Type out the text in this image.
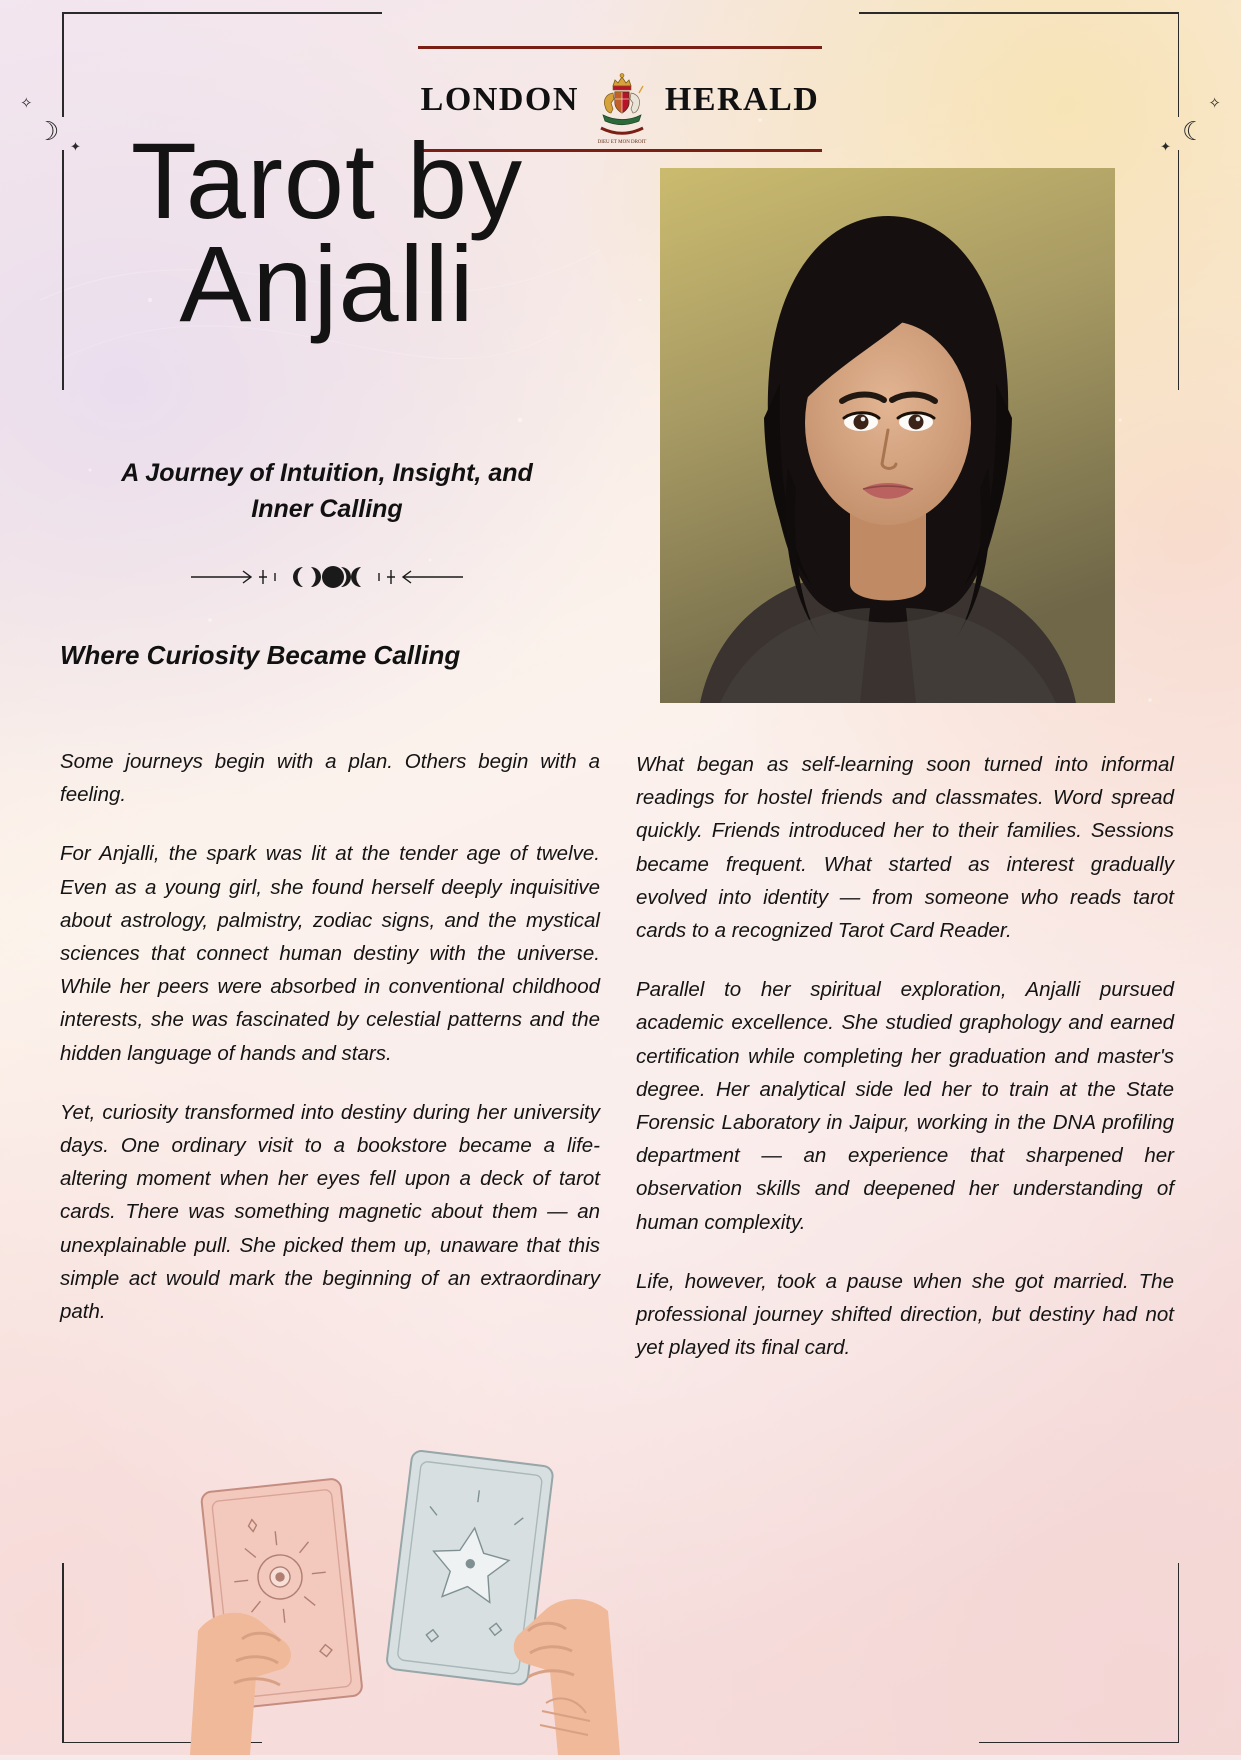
☽
✦
✧
☽
✦
✧
LONDON
DIEU ET MON DROIT
HERALD
Tarot by
Anjalli
A Journey of Intuition, Insight, and Inner Calling
Where Curiosity Became Calling

Some journeys begin with a plan. Others begin with a feeling.

For Anjalli, the spark was lit at the tender age of twelve. Even as a young girl, she found herself deeply inquisitive about astrology, palmistry, zodiac signs, and the mystical sciences that connect human destiny with the universe. While her peers were absorbed in conventional childhood interests, she was fascinated by celestial patterns and the hidden language of hands and stars.

Yet, curiosity transformed into destiny during her university days. One ordinary visit to a bookstore became a life-altering moment when her eyes fell upon a deck of tarot cards. There was something magnetic about them — an unexplainable pull. She picked them up, unaware that this simple act would mark the beginning of an extraordinary path.

What began as self-learning soon turned into informal readings for hostel friends and classmates. Word spread quickly. Friends introduced her to their families. Sessions became frequent. What started as interest gradually evolved into identity — from someone who reads tarot cards to a recognized Tarot Card Reader.

Parallel to her spiritual exploration, Anjalli pursued academic excellence. She studied graphology and earned certification while completing her graduation and master's degree. Her analytical side led her to train at the State Forensic Laboratory in Jaipur, working in the DNA profiling department — an experience that sharpened her observation skills and deepened her understanding of human complexity.

Life, however, took a pause when she got married. The professional journey shifted direction, but destiny had not yet played its final card.
